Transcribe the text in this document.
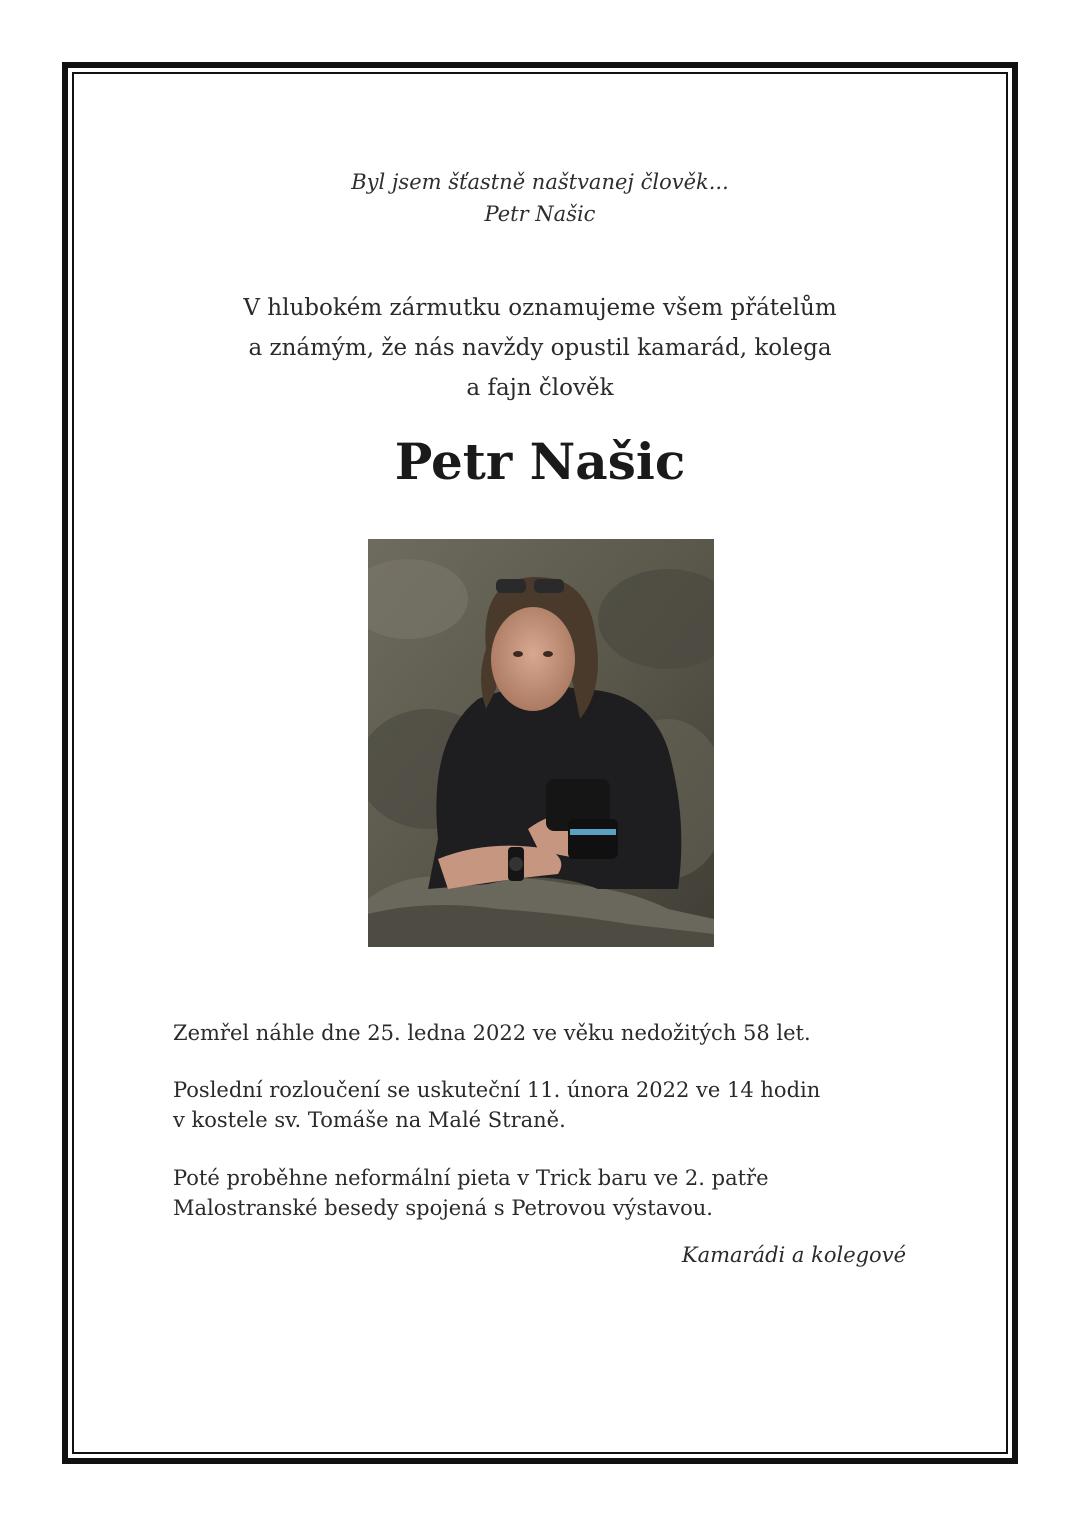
Byl jsem šťastně naštvanej člověk...
Petr Našic
V hlubokém zármutku oznamujeme všem přátelům
a známým, že nás navždy opustil kamarád, kolega
a fajn člověk
Petr Našic
Zemřel náhle dne 25. ledna 2022 ve věku nedožitých 58 let.
Poslední rozloučení se uskuteční 11. února 2022 ve 14 hodin
v kostele sv. Tomáše na Malé Straně.
Poté proběhne neformální pieta v Trick baru ve 2. patře
Malostranské besedy spojená s Petrovou výstavou.
Kamarádi a kolegové
